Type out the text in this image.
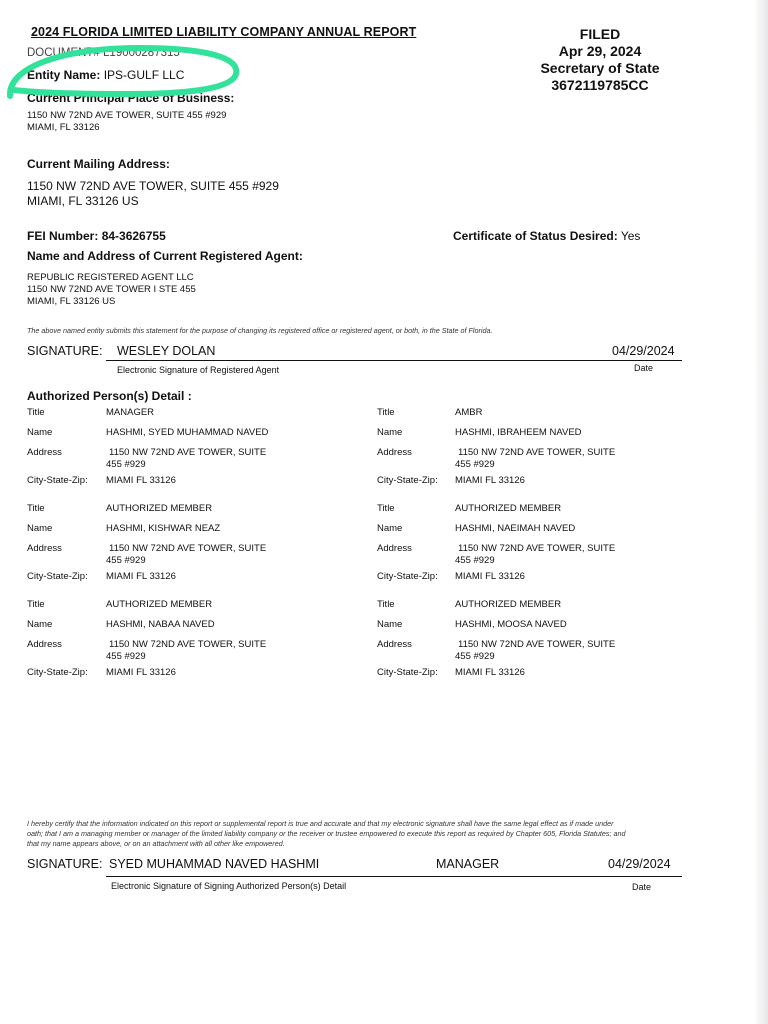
2024 FLORIDA LIMITED LIABILITY COMPANY ANNUAL REPORT
DOCUMENT# L19000287315
Entity Name: IPS-GULF LLC
Current Principal Place of Business:
FILED
Apr 29, 2024
Secretary of State
3672119785CC
1150 NW 72ND AVE TOWER, SUITE 455 #929
MIAMI, FL 33126
Current Mailing Address:
1150 NW 72ND AVE TOWER, SUITE 455 #929
MIAMI, FL 33126 US
FEI Number: 84-3626755	Certificate of Status Desired: Yes
Name and Address of Current Registered Agent:
REPUBLIC REGISTERED AGENT LLC
1150 NW 72ND AVE TOWER I STE 455
MIAMI, FL 33126 US
The above named entity submits this statement for the purpose of changing its registered office or registered agent, or both, in the State of Florida.
SIGNATURE: WESLEY DOLAN	04/29/2024
Electronic Signature of Registered Agent	Date
Authorized Person(s) Detail :
Title	MANAGER
Name	HASHMI, SYED MUHAMMAD NAVED
Address	1150 NW 72ND AVE TOWER, SUITE
455 #929
City-State-Zip: MIAMI FL 33126
Title	AMBR
Name	HASHMI, IBRAHEEM NAVED
Address	1150 NW 72ND AVE TOWER, SUITE
455 #929
City-State-Zip: MIAMI FL 33126
Title	AUTHORIZED MEMBER
Name	HASHMI, KISHWAR NEAZ
Address	1150 NW 72ND AVE TOWER, SUITE
455 #929
City-State-Zip: MIAMI FL 33126
Title	AUTHORIZED MEMBER
Name	HASHMI, NAEIMAH NAVED
Address	1150 NW 72ND AVE TOWER, SUITE
455 #929
City-State-Zip: MIAMI FL 33126
Title	AUTHORIZED MEMBER
Name	HASHMI, NABAA NAVED
Address	1150 NW 72ND AVE TOWER, SUITE
455 #929
City-State-Zip: MIAMI FL 33126
Title	AUTHORIZED MEMBER
Name	HASHMI, MOOSA NAVED
Address	1150 NW 72ND AVE TOWER, SUITE
455 #929
City-State-Zip: MIAMI FL 33126
I hereby certify that the information indicated on this report or supplemental report is true and accurate and that my electronic signature shall have the same legal effect as if made under
oath; that I am a managing member or manager of the limited liability company or the receiver or trustee empowered to execute this report as required by Chapter 605, Florida Statutes; and
that my name appears above, or on an attachment with all other like empowered.
SIGNATURE: SYED MUHAMMAD NAVED HASHMI	MANAGER	04/29/2024
Electronic Signature of Signing Authorized Person(s) Detail	Date
